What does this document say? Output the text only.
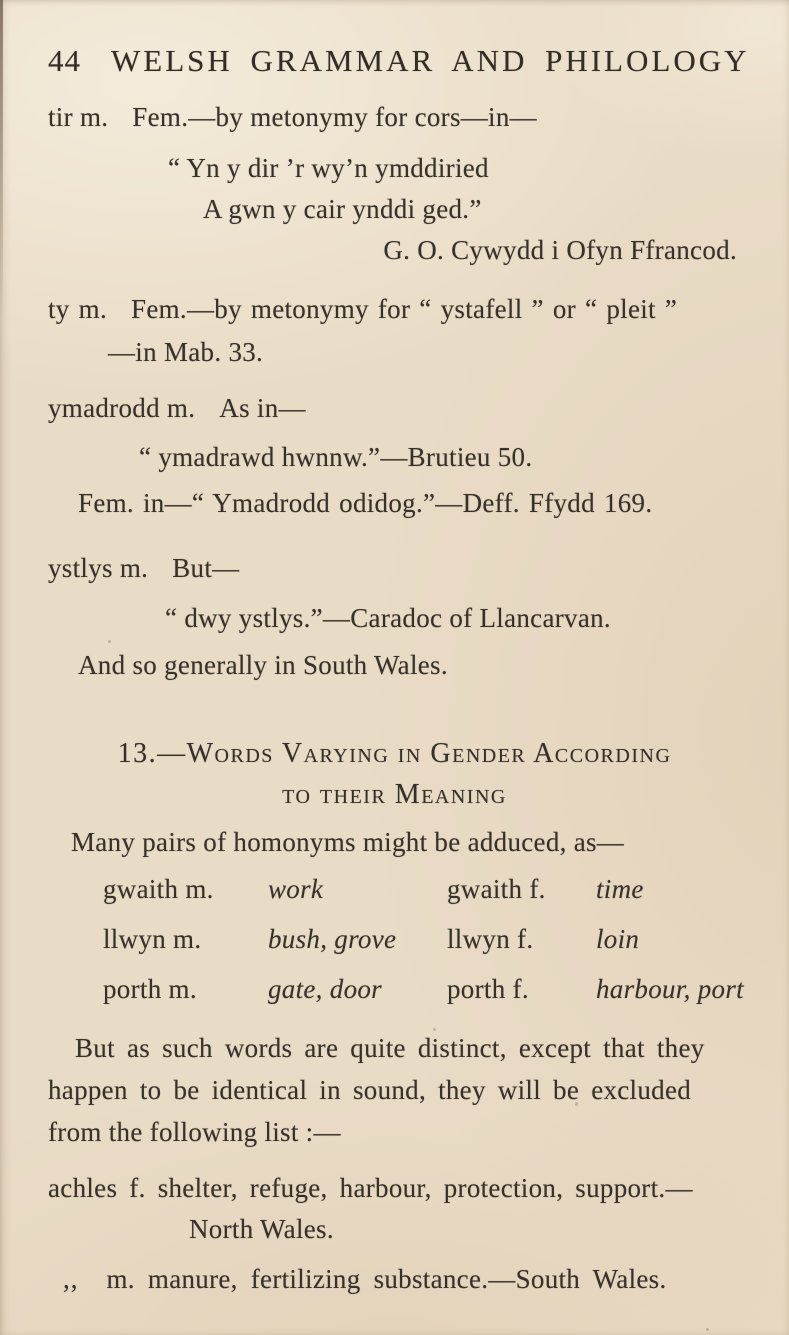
44 WELSH GRAMMAR AND PHILOLOGY
tir m. Fem.—by metonymy for cors—in—
“ Yn y dir ’r wy’n ymddiried
A gwn y cair ynddi ged.”
G. O. Cywydd i Ofyn Ffrancod.
ty m. Fem.—by metonymy for “ ystafell ” or “ pleit ”
—in Mab. 33.
ymadrodd m. As in—
“ ymadrawd hwnnw.”—Brutieu 50.
Fem. in—“ Ymadrodd odidog.”—Deff. Ffydd 169.
ystlys m. But—
“ dwy ystlys.”—Caradoc of Llancarvan.
And so generally in South Wales.
13.—Words Varying in Gender According
to their Meaning
Many pairs of homonyms might be adduced, as—
gwaith m. work	gwaith f. time
llwyn m. bush, grove llwyn f. loin
porth m.	gate, door porth f. harbour, port
But as such words are quite distinct, except that they
happen to be identical in sound, they will be excluded
from the following list :—
achles f. shelter, refuge, harbour, protection, support.—
North Wales.
,, m. manure, fertilizing substance.—South Wales.
